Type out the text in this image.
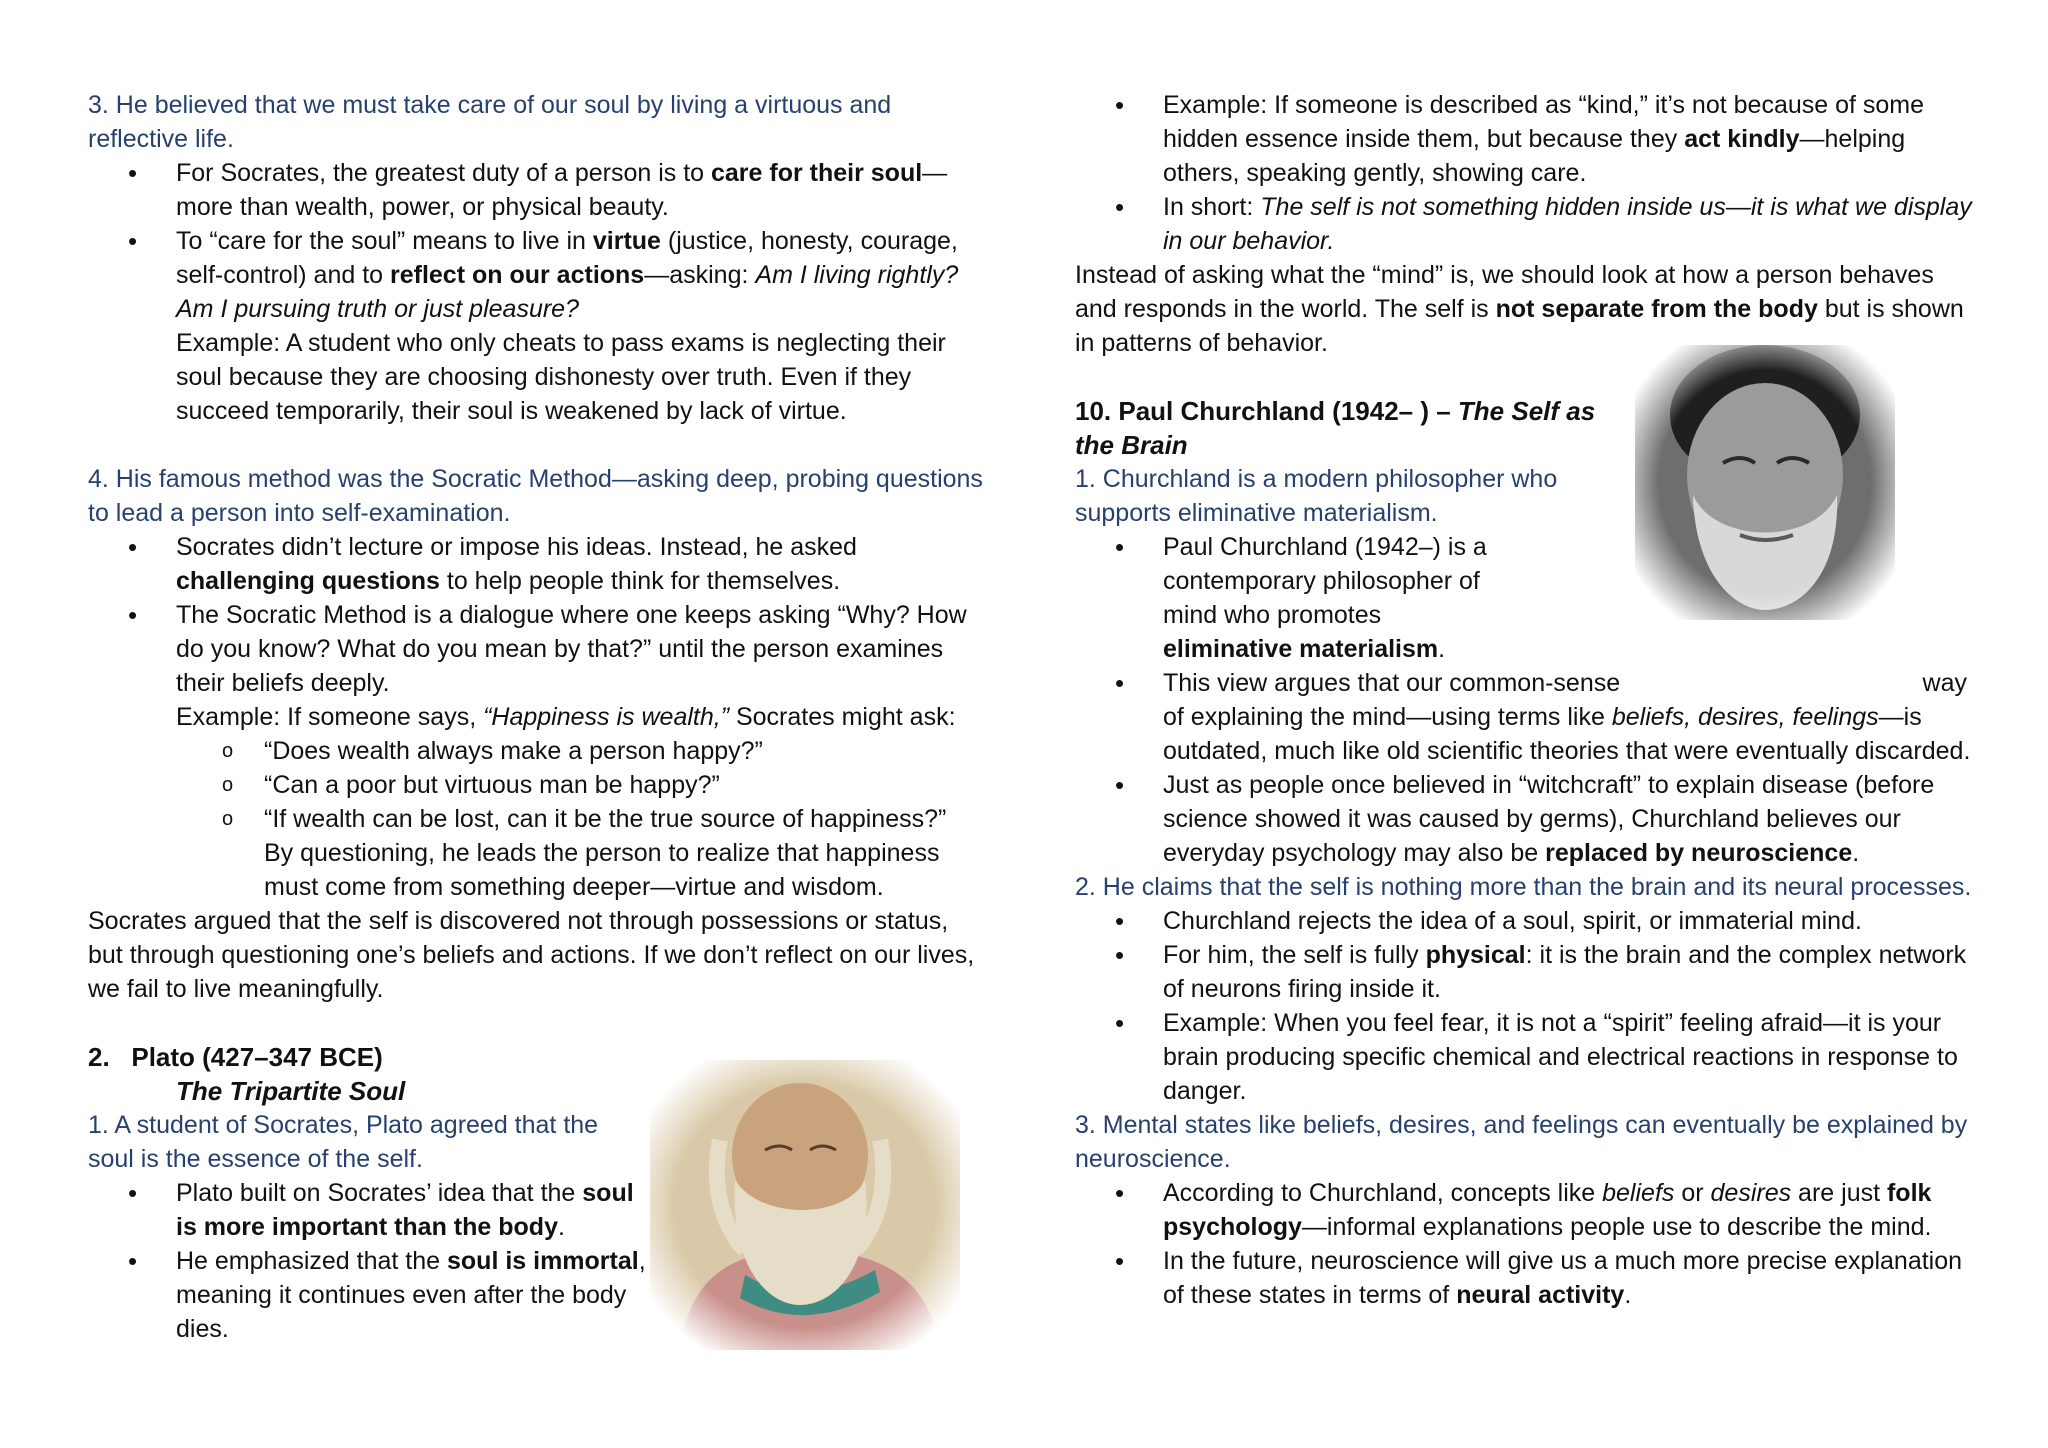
3. He believed that we must take care of our soul by living a virtuous and reflective life.

• For Socrates, the greatest duty of a person is to care for their soul—more than wealth, power, or physical beauty.
• To “care for the soul” means to live in virtue (justice, honesty, courage, self-control) and to reflect on our actions—asking: Am I living rightly? Am I pursuing truth or just pleasure?
Example: A student who only cheats to pass exams is neglecting their soul because they are choosing dishonesty over truth. Even if they succeed temporarily, their soul is weakened by lack of virtue.

4. His famous method was the Socratic Method—asking deep, probing questions to lead a person into self-examination.

• Socrates didn’t lecture or impose his ideas. Instead, he asked challenging questions to help people think for themselves.
• The Socratic Method is a dialogue where one keeps asking “Why? How do you know? What do you mean by that?” until the person examines their beliefs deeply.
Example: If someone says, “Happiness is wealth,” Socrates might ask:
o “Does wealth always make a person happy?”
o “Can a poor but virtuous man be happy?”
o “If wealth can be lost, can it be the true source of happiness?”
By questioning, he leads the person to realize that happiness must come from something deeper—virtue and wisdom.

Socrates argued that the self is discovered not through possessions or status, but through questioning one’s beliefs and actions. If we don’t reflect on our lives, we fail to live meaningfully.

2.   Plato (427–347 BCE)

The Tripartite Soul

1. A student of Socrates, Plato agreed that the soul is the essence of the self.

• Plato built on Socrates’ idea that the soul is more important than the body.
• He emphasized that the soul is immortal, meaning it continues even after the body dies.
• Example: If someone is described as “kind,” it’s not because of some hidden essence inside them, but because they act kindly—helping others, speaking gently, showing care.
• In short: The self is not something hidden inside us—it is what we display in our behavior.

Instead of asking what the “mind” is, we should look at how a person behaves and responds in the world. The self is not separate from the body but is shown in patterns of behavior.

10. Paul Churchland (1942– ) – The Self as the Brain

1. Churchland is a modern philosopher who supports eliminative materialism.

• Paul Churchland (1942–) is a contemporary philosopher of mind who promotes eliminative materialism.
• This view argues that our common-sense	way

of explaining the mind—using terms like beliefs, desires, feelings—is outdated, much like old scientific theories that were eventually discarded.
• Just as people once believed in “witchcraft” to explain disease (before science showed it was caused by germs), Churchland believes our everyday psychology may also be replaced by neuroscience.

2. He claims that the self is nothing more than the brain and its neural processes.

• Churchland rejects the idea of a soul, spirit, or immaterial mind.
• For him, the self is fully physical: it is the brain and the complex network of neurons firing inside it.
• Example: When you feel fear, it is not a “spirit” feeling afraid—it is your brain producing specific chemical and electrical reactions in response to danger.

3. Mental states like beliefs, desires, and feelings can eventually be explained by neuroscience.

• According to Churchland, concepts like beliefs or desires are just folk psychology—informal explanations people use to describe the mind.
• In the future, neuroscience will give us a much more precise explanation of these states in terms of neural activity.
